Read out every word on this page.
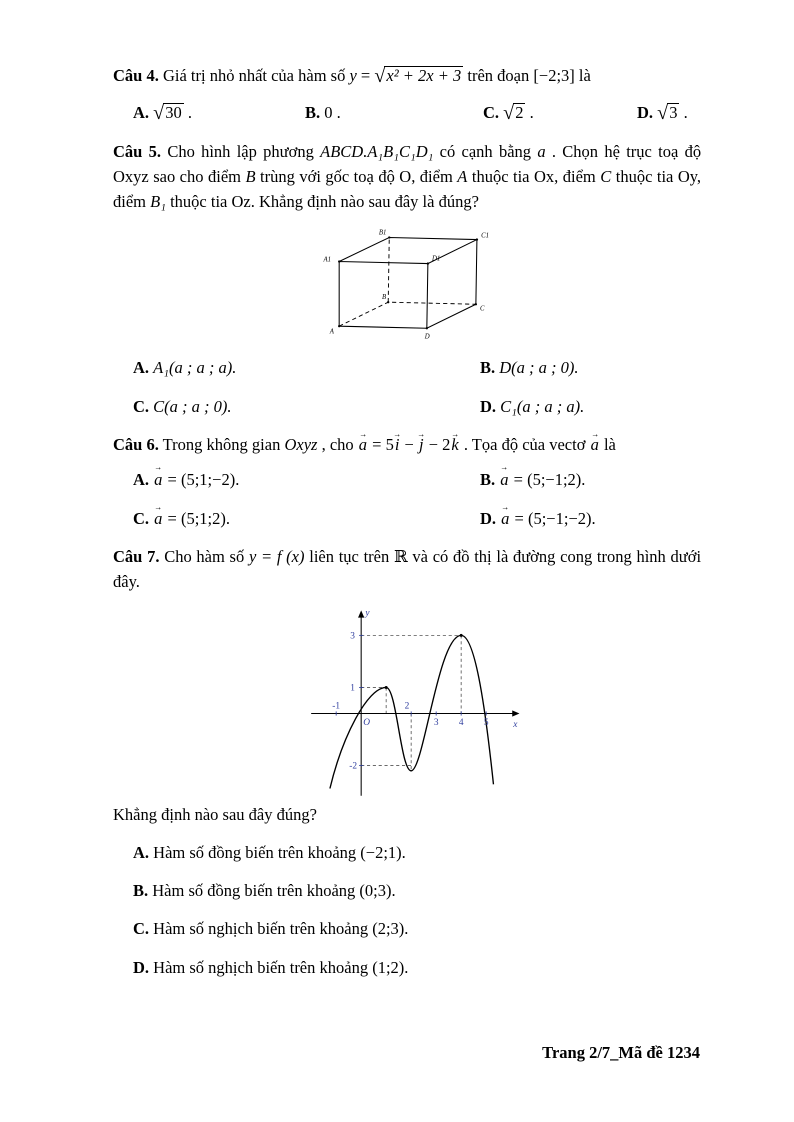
Câu 4. Giá trị nhỏ nhất của hàm số y = √x² + 2x + 3 trên đoạn [−2;3] là

A. √30 .	B. 0 .	C. √2 .	D. √3 .

Câu 5. Cho hình lập phương ABCD.A₁B₁C₁D₁ có cạnh bằng a . Chọn hệ trục toạ độ Oxyz sao cho điểm B trùng với gốc toạ độ O, điểm A thuộc tia Ox, điểm C thuộc tia Oy, điểm B₁ thuộc tia Oz. Khẳng định nào sau đây là đúng?

A
D
C
B
A1	D1
C1
B1
A. A₁(a ; a ; a).	B. D(a ; a ; 0).
C. C(a ; a ; 0).	D. C₁(a ; a ; a).

Câu 6. Trong không gian Oxyz , cho a → = 5i → − j → − 2k → . Tọa độ của vectơ a → là

A. a → = (5;1;−2).	B. a → = (5;−1;2).
C. a → = (5;1;2).	D. a → = (5;−1;−2).

Câu 7. Cho hàm số y = f (x) liên tục trên ℝ và có đồ thị là đường cong trong hình dưới đây.

y
x
O
3
1
-2
-1	2
3 4 5

Khẳng định nào sau đây đúng?

A. Hàm số đồng biến trên khoảng (−2;1).
B. Hàm số đồng biến trên khoảng (0;3).
C. Hàm số nghịch biến trên khoảng (2;3).
D. Hàm số nghịch biến trên khoảng (1;2).
Trang 2/7_Mã đề 1234
